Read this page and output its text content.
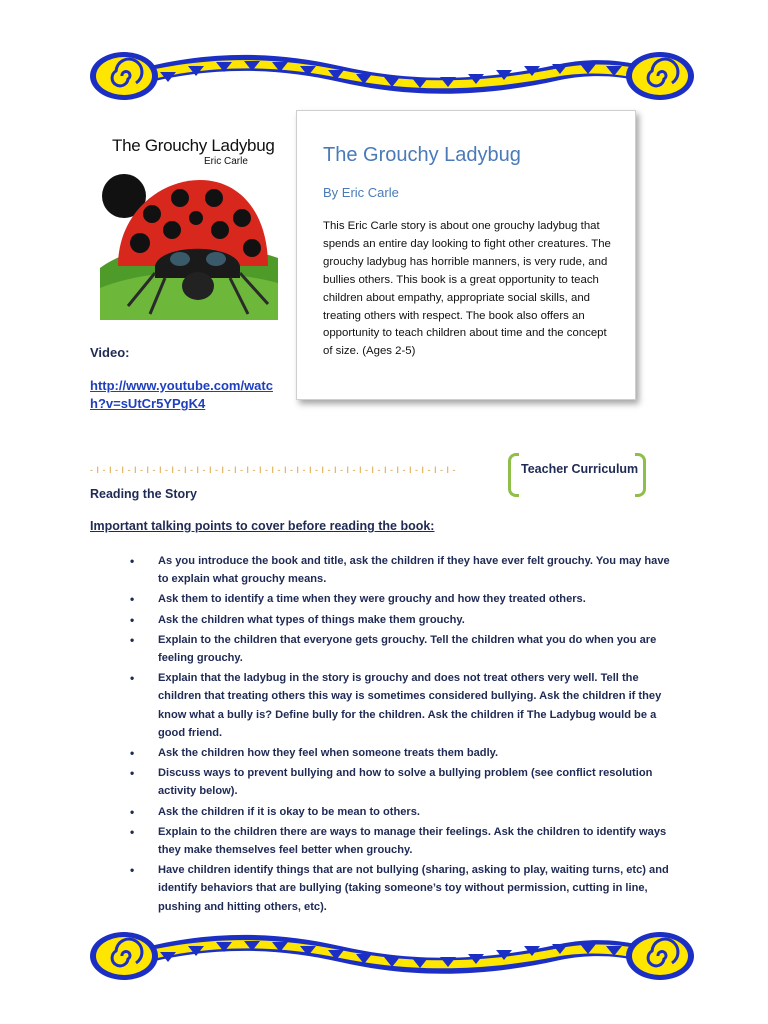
The Grouchy Ladybug
Eric Carle
Video:
http://www.youtube.com/watch?v=sUtCr5YPgK4
The Grouchy Ladybug
By Eric Carle
This Eric Carle story is about one grouchy ladybug that spends an entire day looking to fight other creatures. The grouchy ladybug has horrible manners, is very rude, and bullies others. This book is a great opportunity to teach children about empathy, appropriate social skills, and treating others with respect. The book also offers an opportunity to teach children about time and the concept of size. (Ages 2-5)
- I - I - I - I - I - I - I - I - I - I - I - I - I - I - I - I - I - I - I - I - I - I - I - I - I - I - I - I - I -	Teacher Curriculum
Reading the Story
Important talking points to cover before reading the book:
• As you introduce the book and title, ask the children if they have ever felt grouchy. You may have to explain what grouchy means.
• Ask them to identify a time when they were grouchy and how they treated others.
• Ask the children what types of things make them grouchy.
• Explain to the children that everyone gets grouchy. Tell the children what you do when you are feeling grouchy.
• Explain that the ladybug in the story is grouchy and does not treat others very well. Tell the children that treating others this way is sometimes considered bullying. Ask the children if they know what a bully is? Define bully for the children. Ask the children if The Ladybug would be a good friend.
• Ask the children how they feel when someone treats them badly.
• Discuss ways to prevent bullying and how to solve a bullying problem (see conflict resolution activity below).
• Ask the children if it is okay to be mean to others.
• Explain to the children there are ways to manage their feelings. Ask the children to identify ways they make themselves feel better when grouchy.
• Have children identify things that are not bullying (sharing, asking to play, waiting turns, etc) and identify behaviors that are bullying (taking someone’s toy without permission, cutting in line, pushing and hitting others, etc).
